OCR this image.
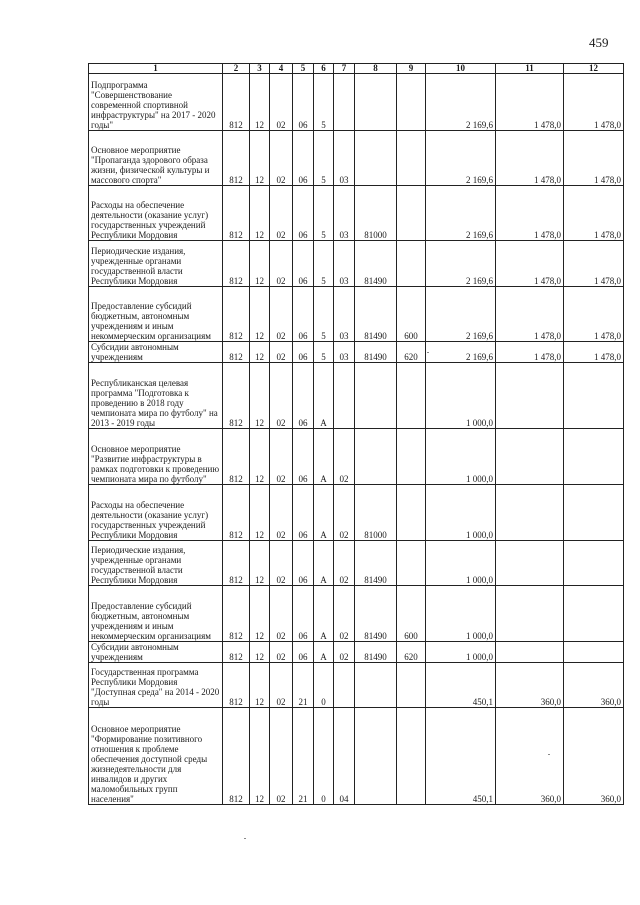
459
1	2	3	4	5	6	7	8	9	10	11	12
Подпрограмма "Совершенствование современной спортивной инфраструктуры" на 2017 - 2020 годы"	812	12	02	06	5				2 169,6	1 478,0	1 478,0
Основное мероприятие "Пропаганда здорового образа жизни, физической культуры и массового спорта"	812	12	02	06	5	03			2 169,6	1 478,0	1 478,0
Расходы на обеспечение деятельности (оказание услуг) государственных учреждений Республики Мордовия	812	12	02	06	5	03	81000		2 169,6	1 478,0	1 478,0
Периодические издания, учрежденные органами государственной власти Республики Мордовия	812	12	02	06	5	03	81490		2 169,6	1 478,0	1 478,0
Предоставление субсидий бюджетным, автономным учреждениям и иным некоммерческим организациям	812	12	02	06	5	03	81490	600	2 169,6	1 478,0	1 478,0
Субсидии автономным учреждениям	812	12	02	06	5	03	81490	620	2 169,6	1 478,0	1 478,0
Республиканская целевая программа "Подготовка к проведению в 2018 году чемпионата мира по футболу" на 2013 - 2019 годы	812	12	02	06	А				1 000,0		
Основное мероприятие "Развитие инфраструктуры в рамках подготовки к проведению чемпионата мира по футболу"	812	12	02	06	А	02			1 000,0		
Расходы на обеспечение деятельности (оказание услуг) государственных учреждений Республики Мордовия	812	12	02	06	А	02	81000		1 000,0		
Периодические издания, учрежденные органами государственной власти Республики Мордовия	812	12	02	06	А	02	81490		1 000,0		
Предоставление субсидий бюджетным, автономным учреждениям и иным некоммерческим организациям	812	12	02	06	А	02	81490	600	1 000,0		
Субсидии автономным учреждениям	812	12	02	06	А	02	81490	620	1 000,0		
Государственная программа Республики Мордовия "Доступная среда" на 2014 - 2020 годы	812	12	02	21	0				450,1	360,0	360,0
Основное мероприятие "Формирование позитивного отношения к проблеме обеспечения доступной среды жизнедеятельности для инвалидов и других маломобильных групп населения"	812	12	02	21	0	04			450,1	360,0	360,0
